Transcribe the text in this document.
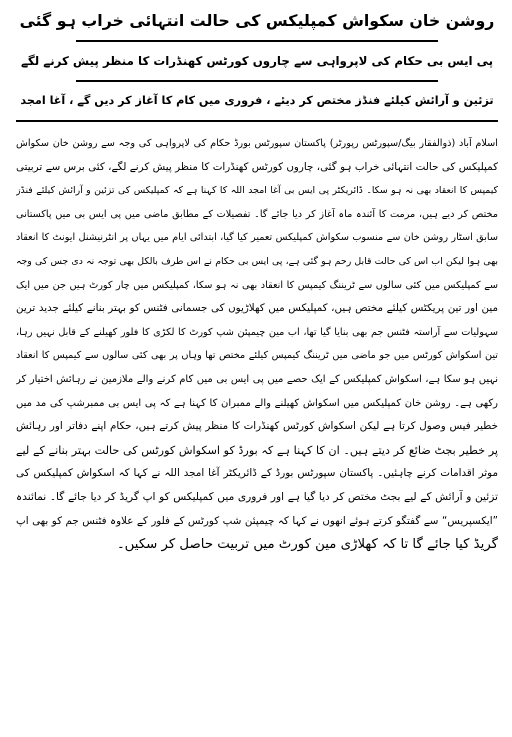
روشن خان سکواش کمپلیکس کی حالت انتہائی خراب ہو گئی
پی ایس بی حکام کی لاپرواہی سے چاروں کورٹس کھنڈرات کا منظر پیش کرنے لگے
تزئین و آرائش کیلئے فنڈز مختص کر دیئے ، فروری میں کام کا آغاز کر دیں گے ، آغا امجد
اسلام آباد (ذوالفقار بیگ/سپورٹس رپورٹر) پاکستان سپورٹس بورڈ حکام کی لاپرواہی کی وجہ سے روشن خان سکواش
کمپلیکس کی حالت انتہائی خراب ہو گئی، چاروں کورٹس کھنڈرات کا منظر پیش کرنے لگے، کئی برس سے تربیتی
کیمپس کا انعقاد بھی نہ ہو سکا۔ ڈائریکٹر پی ایس بی آغا امجد اللہ کا کہنا ہے کہ کمپلیکس کی تزئین و آرائش کیلئے فنڈز
مختص کر دیے ہیں، مرمت کا آئندہ ماہ آغاز کر دیا جائے گا۔ تفصیلات کے مطابق ماضی میں پی ایس بی میں پاکستانی
سابق اسٹار روشن خان سے منسوب سکواش کمپلیکس تعمیر کیا گیا، ابتدائی ایام میں یہاں پر انٹرنیشنل ایونٹ کا انعقاد
بھی ہوا لیکن اب اس کی حالت قابل رحم ہو گئی ہے، پی ایس بی حکام نے اس طرف بالکل بھی توجہ نہ دی جس کی وجہ
سے کمپلیکس میں کئی سالوں سے ٹریننگ کیمپس کا انعقاد بھی نہ ہو سکا، کمپلیکس میں چار کورٹ ہیں جن میں ایک
مین اور تین پریکٹس کیلئے مختص ہیں، کمپلیکس میں کھلاڑیوں کی جسمانی فٹنس کو بہتر بنانے کیلئے جدید ترین
سہولیات سے آراستہ فٹنس جم بھی بنایا گیا تھا، اب مین چیمپئن شپ کورٹ کا لکڑی کا فلور کھیلنے کے قابل نہیں رہا،
تین اسکواش کورٹس میں جو ماضی میں ٹریننگ کیمپس کیلئے مختص تھا وہاں پر بھی کئی سالوں سے کیمپس کا انعقاد
نہیں ہو سکا ہے، اسکواش کمپلیکس کے ایک حصے میں پی ایس بی میں کام کرنے والے ملازمین نے رہائش اختیار کر
رکھی ہے۔ روشن خان کمپلیکس میں اسکواش کھیلنے والے ممبران کا کہنا ہے کہ پی ایس بی ممبرشپ کی مد میں
خطیر فیس وصول کرتا ہے لیکن اسکواش کورٹس کھنڈرات کا منظر پیش کرتے ہیں، حکام اپنے دفاتر اور رہائش
پر خطیر بجٹ ضائع کر دیتے ہیں۔ ان کا کہنا ہے کہ بورڈ کو اسکواش کورٹس کی حالت بہتر بنانے کے لیے
موثر اقدامات کرنے چاہئیں۔ پاکستان سپورٹس بورڈ کے ڈائریکٹر آغا امجد اللہ نے کہا کہ اسکواش کمپلیکس کی
تزئین و آرائش کے لیے بجٹ مختص کر دیا گیا ہے اور فروری میں کمپلیکس کو اپ گریڈ کر دیا جائے گا۔ نمائندہ
”ایکسپریس“ سے گفتگو کرتے ہوئے انھوں نے کہا کہ چیمپئن شپ کورٹس کے فلور کے علاوہ فٹنس جم کو بھی اپ
گریڈ کیا جائے گا تا کہ کھلاڑی مین کورٹ میں تربیت حاصل کر سکیں۔
